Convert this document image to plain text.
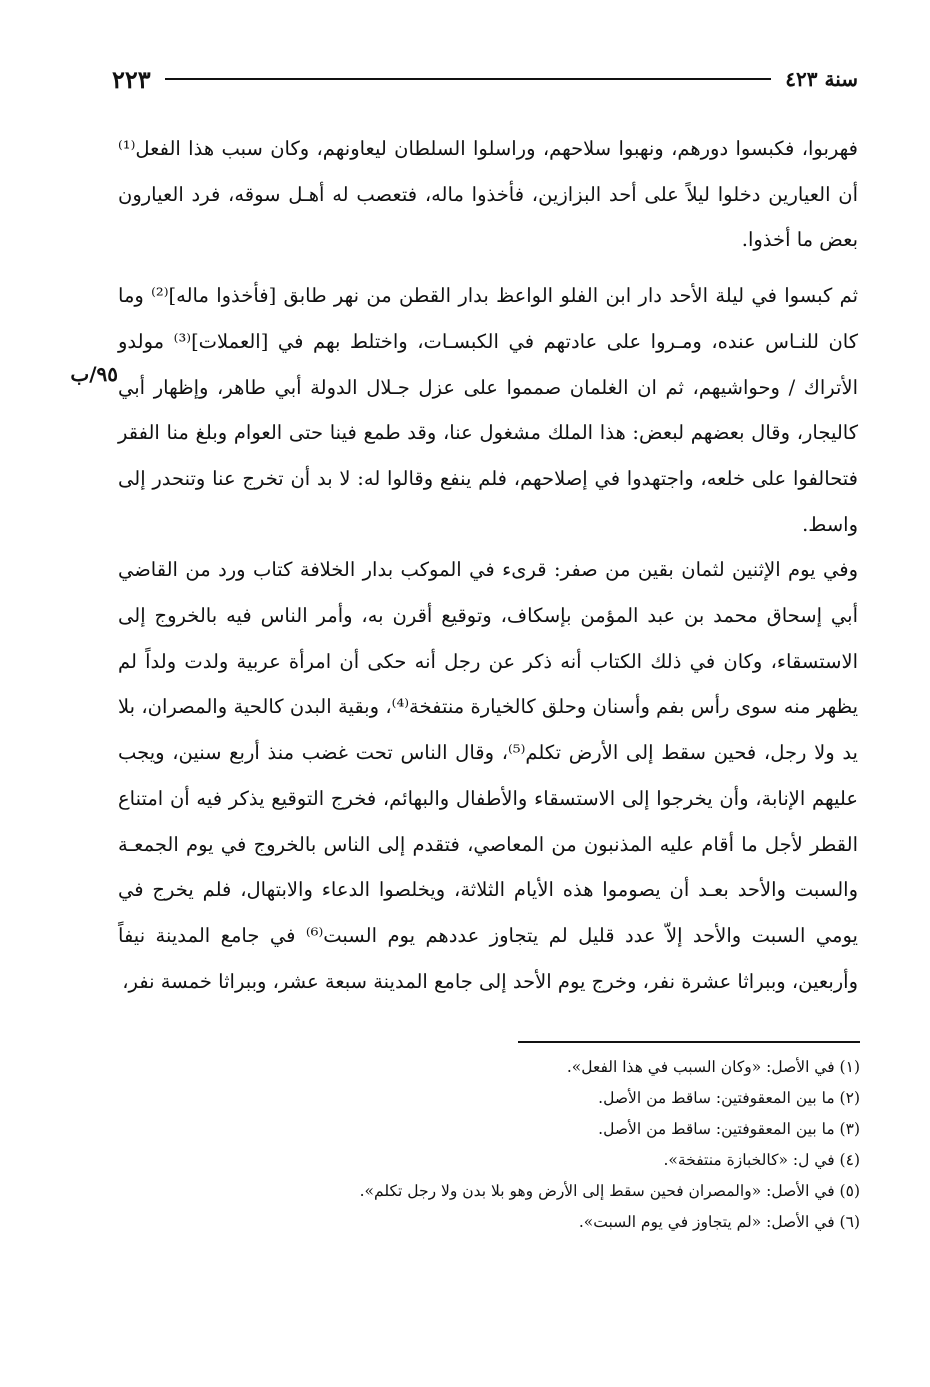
سنة ٤٢٣
٢٢٣
٩٥/ب

فهربوا، فكبسوا دورهم، ونهبوا سلاحهم، وراسلوا السلطان ليعاونهم، وكان سبب هذا الفعل⁽¹⁾ أن العيارين دخلوا ليلاً على أحد البزازين، فأخذوا ماله، فتعصب له أهـل سوقه، فرد العيارون بعض ما أخذوا.

ثم كبسوا في ليلة الأحد دار ابن الفلو الواعظ بدار القطن من نهر طابق [فأخذوا ماله]⁽²⁾ وما كان للنـاس عنده، ومـروا على عادتهم في الكبسـات، واختلط بهم في [العملات]⁽³⁾ مولدو الأتراك / وحواشيهم، ثم ان الغلمان صمموا على عزل جـلال الدولة أبي طاهر، وإظهار أبي كاليجار، وقال بعضهم لبعض: هذا الملك مشغول عنا، وقد طمع فينا حتى العوام وبلغ منا الفقر فتحالفوا على خلعه، واجتهدوا في إصلاحهم، فلم ينفع وقالوا له: لا بد أن تخرج عنا وتنحدر إلى واسط.

وفي يوم الإثنين لثمان بقين من صفر: قرىء في الموكب بدار الخلافة كتاب ورد من القاضي أبي إسحاق محمد بن عبد المؤمن بإسكاف، وتوقيع أقرن به، وأمر الناس فيه بالخروج إلى الاستسقاء، وكان في ذلك الكتاب أنه ذكر عن رجل أنه حكى أن امرأة عربية ولدت ولداً لم يظهر منه سوى رأس بفم وأسنان وحلق كالخيارة منتفخة⁽⁴⁾، وبقية البدن كالحية والمصران، بلا يد ولا رجل، فحين سقط إلى الأرض تكلم⁽⁵⁾، وقال الناس تحت غضب منذ أربع سنين، ويجب عليهم الإنابة، وأن يخرجوا إلى الاستسقاء والأطفال والبهائم، فخرج التوقيع يذكر فيه أن امتناع القطر لأجل ما أقام عليه المذنبون من المعاصي، فتقدم إلى الناس بالخروج في يوم الجمعـة والسبت والأحد بعـد أن يصوموا هذه الأيام الثلاثة، ويخلصوا الدعاء والابتهال، فلم يخرج في يومي السبت والأحد إلاّ عدد قليل لم يتجاوز عددهم يوم السبت⁽⁶⁾ في جامع المدينة نيفاً وأربعين، وببراثا عشرة نفر، وخرج يوم الأحد إلى جامع المدينة سبعة عشر، وببراثا خمسة نفر،

(١) في الأصل: «وكان السبب في هذا الفعل».
(٢) ما بين المعقوفتين: ساقط من الأصل.
(٣) ما بين المعقوفتين: ساقط من الأصل.
(٤) في ل: «كالخبازة منتفخة».
(٥) في الأصل: «والمصران فحين سقط إلى الأرض وهو بلا بدن ولا رجل تكلم».
(٦) في الأصل: «لم يتجاوز في يوم السبت».
